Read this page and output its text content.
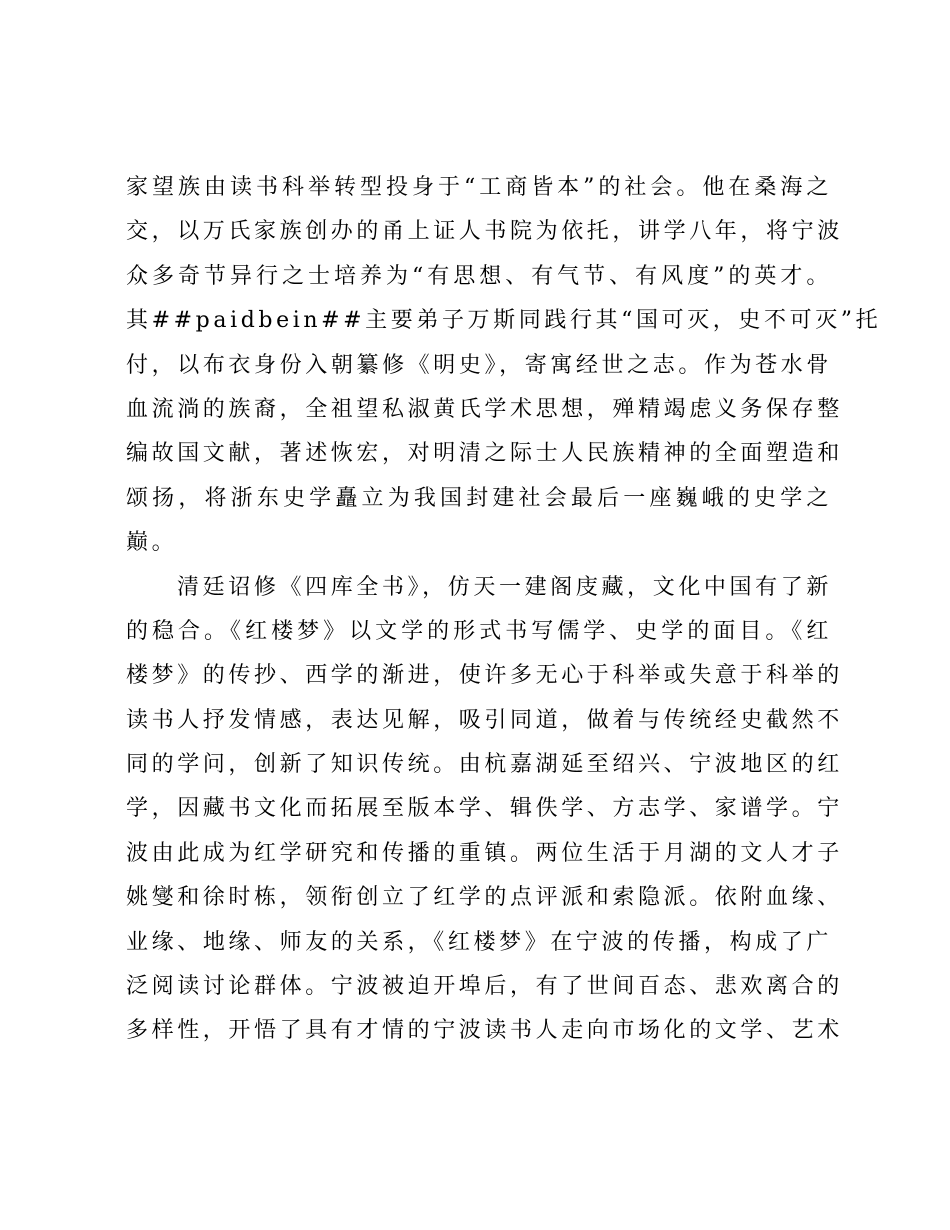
家望族由读书科举转型投身于“工商皆本”的社会。他在桑海之
交，以万氏家族创办的甬上证人书院为依托，讲学八年，将宁波
众多奇节异行之士培养为“有思想、有气节、有风度”的英才。
其##paidbein##主要弟子万斯同践行其“国可灭，史不可灭”托
付，以布衣身份入朝纂修《明史》，寄寓经世之志。作为苍水骨
血流淌的族裔，全祖望私淑黄氏学术思想，殚精竭虑义务保存整
编故国文献，著述恢宏，对明清之际士人民族精神的全面塑造和
颂扬，将浙东史学矗立为我国封建社会最后一座巍峨的史学之
巅。
清廷诏修《四库全书》，仿天一建阁庋藏，文化中国有了新
的稳合。《红楼梦》以文学的形式书写儒学、史学的面目。《红
楼梦》的传抄、西学的渐进，使许多无心于科举或失意于科举的
读书人抒发情感，表达见解，吸引同道，做着与传统经史截然不
同的学问，创新了知识传统。由杭嘉湖延至绍兴、宁波地区的红
学，因藏书文化而拓展至版本学、辑佚学、方志学、家谱学。宁
波由此成为红学研究和传播的重镇。两位生活于月湖的文人才子
姚燮和徐时栋，领衔创立了红学的点评派和索隐派。依附血缘、
业缘、地缘、师友的关系，《红楼梦》在宁波的传播，构成了广
泛阅读讨论群体。宁波被迫开埠后，有了世间百态、悲欢离合的
多样性，开悟了具有才情的宁波读书人走向市场化的文学、艺术
